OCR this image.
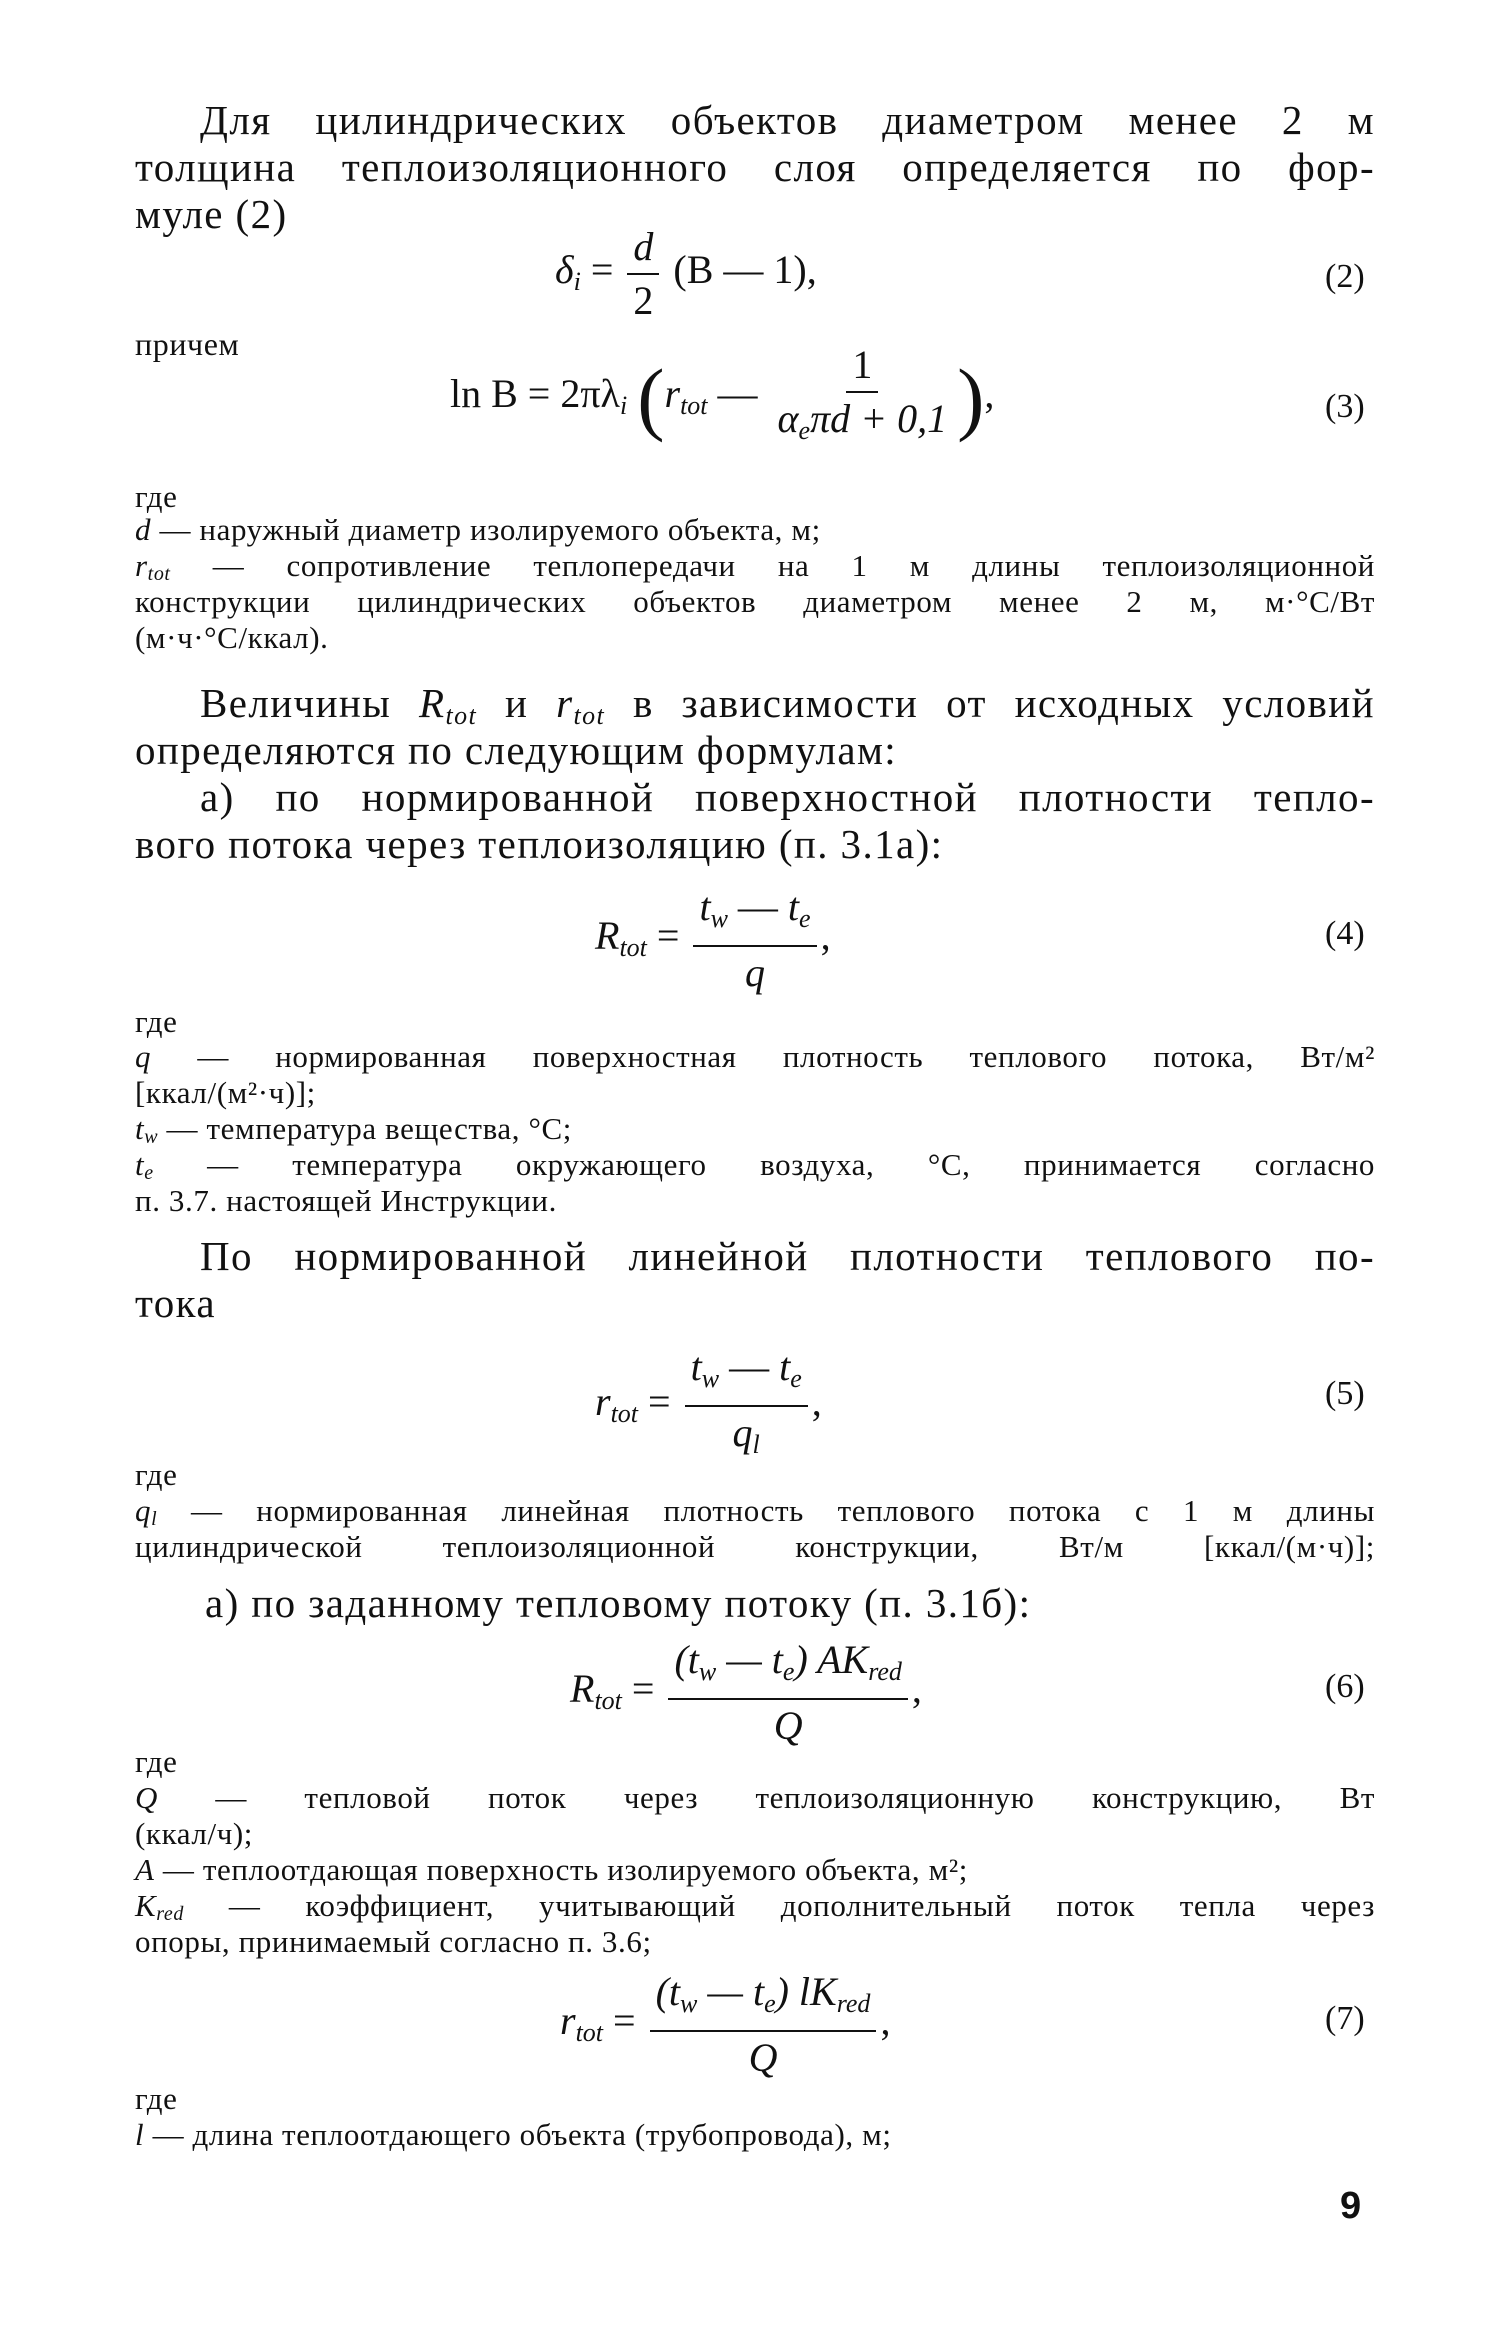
Для цилиндрических объектов диаметром менее 2 м
толщина теплоизоляционного слоя определяется по фор-
муле (2)
$\delta_i = \frac{d}{2} (B$ — 1),	(2)
причем
$\ln B = 2\pi\lambda_i$ ($r_{tot}$ — $\frac{1}{\alpha_e\pi d + 0,1}$ ),	(3)
где
d — наружный диаметр изолируемого объекта, м;
$r_{tot}$ — сопротивление теплопередачи на 1 м длины теплоизоляционной
конструкции цилиндрических объектов диаметром менее 2 м, м·°С/Вт
(м·ч·°С/ккал).
Величины $R_{tot}$ и $r_{tot}$ в зависимости от исходных условий
определяются по следующим формулам:
а) по нормированной поверхностной плотности тепло-
вого потока через теплоизоляцию (п. 3.1а):
$R_{tot} = \frac{t_w — t_e}{q}$ ,	(4)
где
q — нормированная поверхностная плотность теплового потока, Вт/м²
[ккал/(м²·ч)];
$t_w$ — температура вещества, °С;
$t_e$ — температура окружающего воздуха, °С, принимается согласно
п. 3.7. настоящей Инструкции.
По нормированной линейной плотности теплового по-
тока
$r_{tot} = \frac{t_w — t_e}{q_l}$ ,	(5)
где
$q_l$ — нормированная линейная плотность теплового потока с 1 м длины
цилиндрической теплоизоляционной конструкции, Вт/м [ккал/(м·ч)];
а) по заданному тепловому потоку (п. 3.1б):
$R_{tot} = \frac{(t_w — t_e) AK_{red}}{Q}$ ,	(6)
где
Q — тепловой поток через теплоизоляционную конструкцию, Вт
(ккал/ч);
A — теплоотдающая поверхность изолируемого объекта, м²;
$K_{red}$ — коэффициент, учитывающий дополнительный поток тепла через
опоры, принимаемый согласно п. 3.6;
$r_{tot} = \frac{(t_w — t_e) lK_{red}}{Q}$ ,	(7)
где
l — длина теплоотдающего объекта (трубопровода), м;
9
